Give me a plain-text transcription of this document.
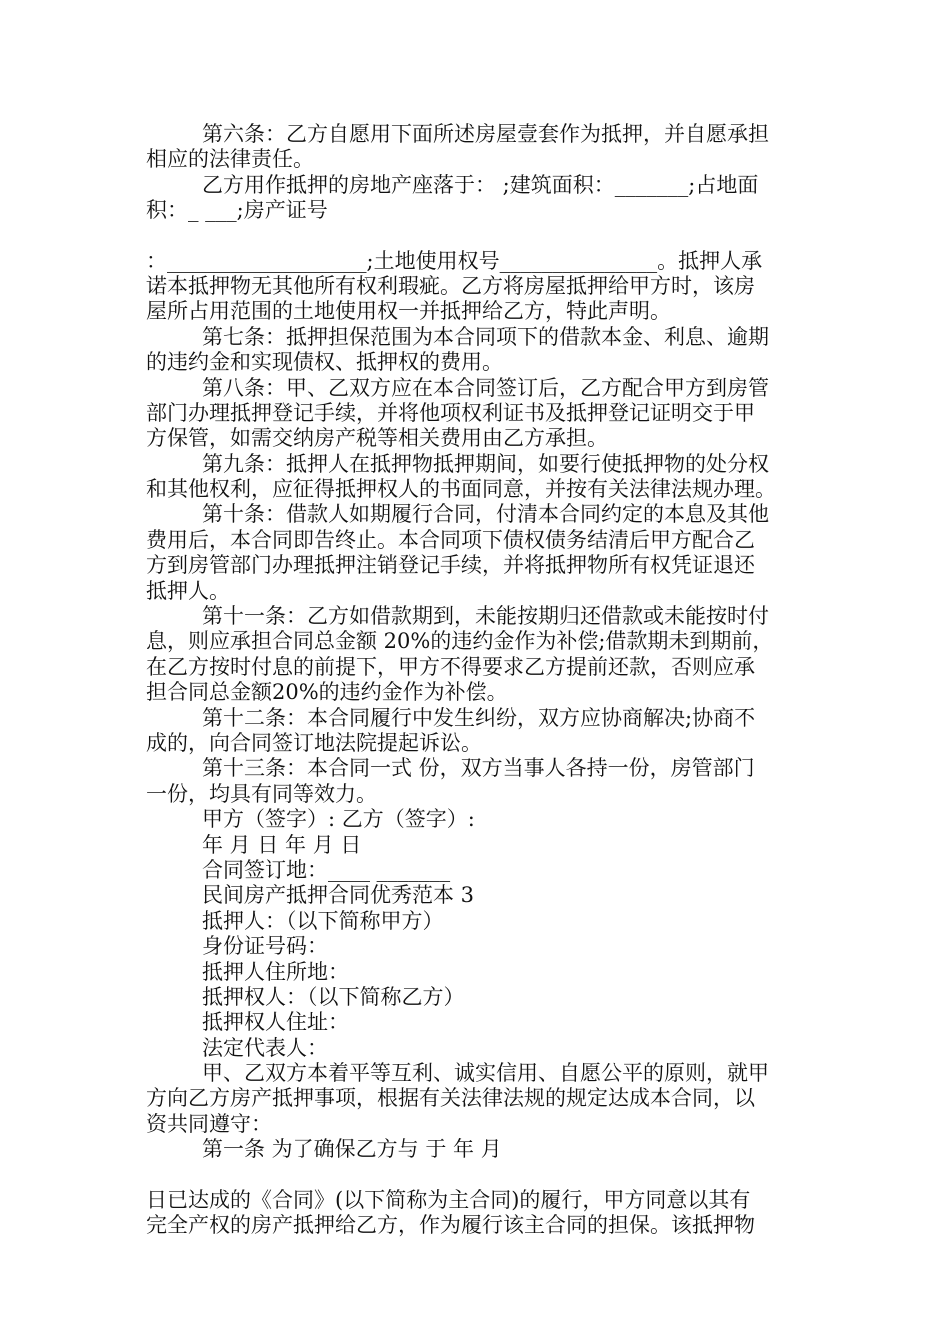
第六条：乙方自愿用下面所述房屋壹套作为抵押，并自愿承担
相应的法律责任。
乙方用作抵押的房地产座落于： ;建筑面积：_______;占地面
积：_ ___;房产证号
：___________________;土地使用权号_______________。抵押人承
诺本抵押物无其他所有权利瑕疵。乙方将房屋抵押给甲方时，该房
屋所占用范围的土地使用权一并抵押给乙方，特此声明。
第七条：抵押担保范围为本合同项下的借款本金、利息、逾期
的违约金和实现债权、抵押权的费用。
第八条：甲、乙双方应在本合同签订后，乙方配合甲方到房管
部门办理抵押登记手续，并将他项权利证书及抵押登记证明交于甲
方保管，如需交纳房产税等相关费用由乙方承担。
第九条：抵押人在抵押物抵押期间，如要行使抵押物的处分权
和其他权利，应征得抵押权人的书面同意，并按有关法律法规办理。
第十条：借款人如期履行合同，付清本合同约定的本息及其他
费用后，本合同即告终止。本合同项下债权债务结清后甲方配合乙
方到房管部门办理抵押注销登记手续，并将抵押物所有权凭证退还
抵押人。
第十一条：乙方如借款期到，未能按期归还借款或未能按时付
息，则应承担合同总金额 20%的违约金作为补偿;借款期未到期前，
在乙方按时付息的前提下，甲方不得要求乙方提前还款，否则应承
担合同总金额20%的违约金作为补偿。
第十二条：本合同履行中发生纠纷，双方应协商解决;协商不
成的，向合同签订地法院提起诉讼。
第十三条：本合同一式 份，双方当事人各持一份，房管部门
一份，均具有同等效力。
甲方（签字）: 乙方（签字）:
年 月 日 年 月 日
合同签订地：____ _______
民间房产抵押合同优秀范本 3
抵押人：（以下简称甲方）
身份证号码：
抵押人住所地：
抵押权人：（以下简称乙方）
抵押权人住址：
法定代表人：
甲、乙双方本着平等互利、诚实信用、自愿公平的原则，就甲
方向乙方房产抵押事项，根据有关法律法规的规定达成本合同，以
资共同遵守：
第一条 为了确保乙方与 于 年 月
日已达成的《合同》(以下简称为主合同)的履行，甲方同意以其有
完全产权的房产抵押给乙方，作为履行该主合同的担保。该抵押物
